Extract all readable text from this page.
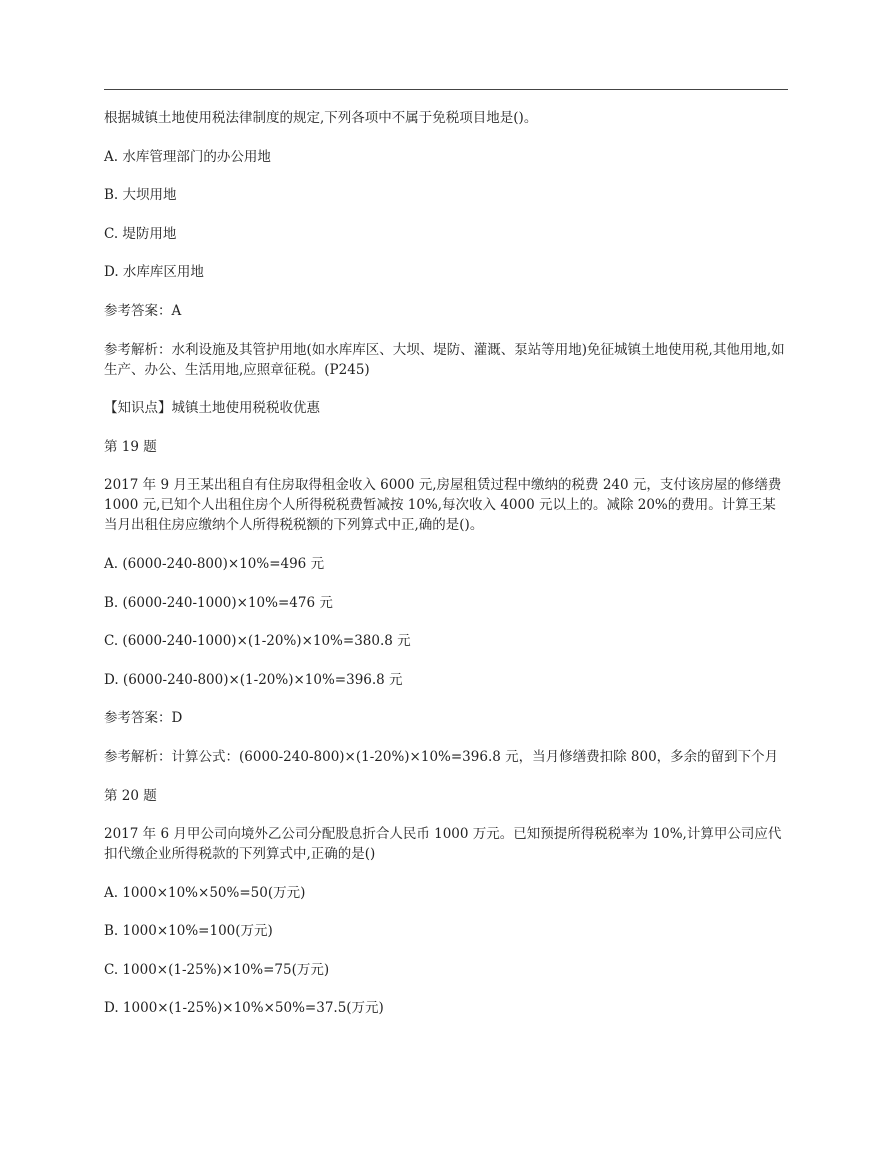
根据城镇土地使用税法律制度的规定,下列各项中不属于免税项目地是()。

A. 水库管理部门的办公用地

B. 大坝用地

C. 堤防用地

D. 水库库区用地

参考答案：A

参考解析：水利设施及其管护用地(如水库库区、大坝、堤防、灌溉、泵站等用地)免征城镇土地使用税,其他用地,如生产、办公、生活用地,应照章征税。(P245)

【知识点】城镇土地使用税税收优惠

第 19 题

2017 年 9 月王某出租自有住房取得租金收入 6000 元,房屋租赁过程中缴纳的税费 240 元，支付该房屋的修缮费 1000 元,已知个人出租住房个人所得税税费暂减按 10%,每次收入 4000 元以上的。减除 20%的费用。计算王某当月出租住房应缴纳个人所得税税额的下列算式中正,确的是()。

A. (6000-240-800)×10%=496 元

B. (6000-240-1000)×10%=476 元

C. (6000-240-1000)×(1-20%)×10%=380.8 元

D. (6000-240-800)×(1-20%)×10%=396.8 元

参考答案：D

参考解析：计算公式：(6000-240-800)×(1-20%)×10%=396.8 元，当月修缮费扣除 800，多余的留到下个月

第 20 题

2017 年 6 月甲公司向境外乙公司分配股息折合人民币 1000 万元。已知预提所得税税率为 10%,计算甲公司应代扣代缴企业所得税款的下列算式中,正确的是()

A. 1000×10%×50%=50(万元)

B. 1000×10%=100(万元)

C. 1000×(1-25%)×10%=75(万元)

D. 1000×(1-25%)×10%×50%=37.5(万元)
